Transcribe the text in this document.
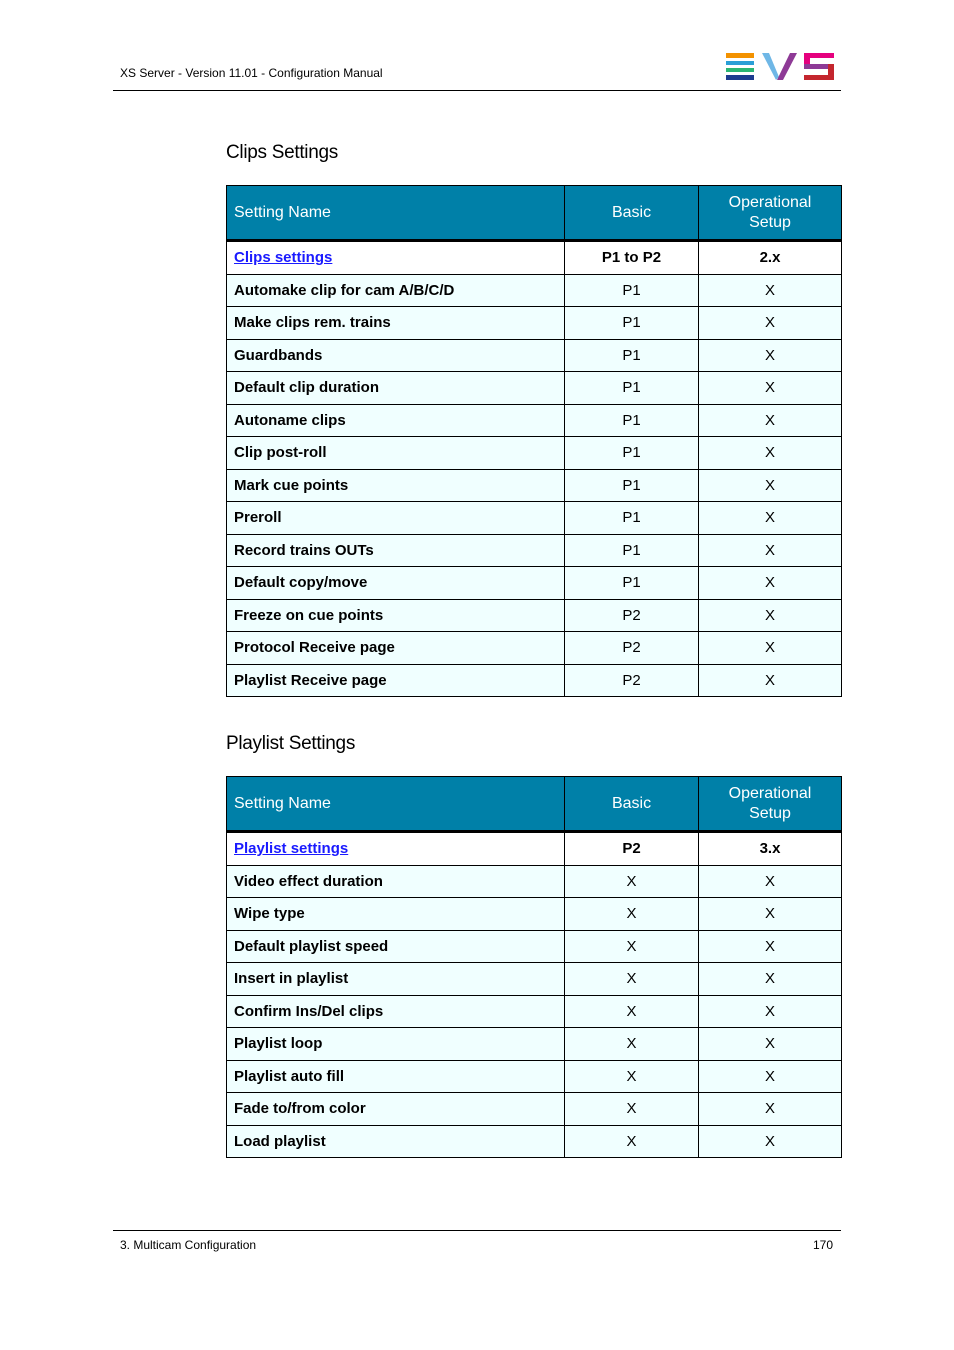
XS Server - Version 11.01 - Configuration Manual
Clips Settings
Setting Name	Basic	Operational Setup
Clips settings	P1 to P2	2.x
Automake clip for cam A/B/C/D	P1	X
Make clips rem. trains	P1	X
Guardbands	P1	X
Default clip duration	P1	X
Autoname clips	P1	X
Clip post-roll	P1	X
Mark cue points	P1	X
Preroll	P1	X
Record trains OUTs	P1	X
Default copy/move	P1	X
Freeze on cue points	P2	X
Protocol Receive page	P2	X
Playlist Receive page	P2	X
Playlist Settings
Setting Name	Basic	Operational Setup
Playlist settings	P2	3.x
Video effect duration	X	X
Wipe type	X	X
Default playlist speed	X	X
Insert in playlist	X	X
Confirm Ins/Del clips	X	X
Playlist loop	X	X
Playlist auto fill	X	X
Fade to/from color	X	X
Load playlist	X	X
3. Multicam Configuration	170
